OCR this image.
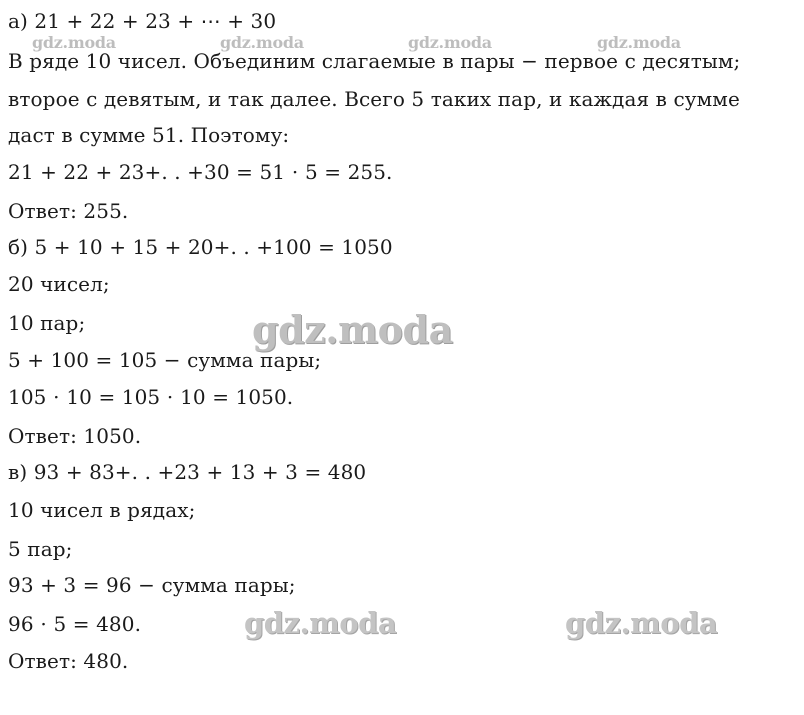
gdz.moda	gdz.moda	gdz.moda	gdz.moda
gdz.moda
gdz.moda	gdz.moda
а) 21 + 22 + 23 + ⋯ + 30
В ряде 10 чисел. Объединим слагаемые в пары − первое с десятым;
второе с девятым, и так далее. Всего 5 таких пар, и каждая в сумме
даст в сумме 51. Поэтому:
21 + 22 + 23+. . +30 = 51 ⋅ 5 = 255.
Ответ: 255.
б) 5 + 10 + 15 + 20+. . +100 = 1050
20 чисел;
10 пар;
5 + 100 = 105 − сумма пары;
105 ⋅ 10 = 105 ⋅ 10 = 1050.
Ответ: 1050.
в) 93 + 83+. . +23 + 13 + 3 = 480
10 чисел в рядах;
5 пар;
93 + 3 = 96 − сумма пары;
96 ⋅ 5 = 480.
Ответ: 480.
